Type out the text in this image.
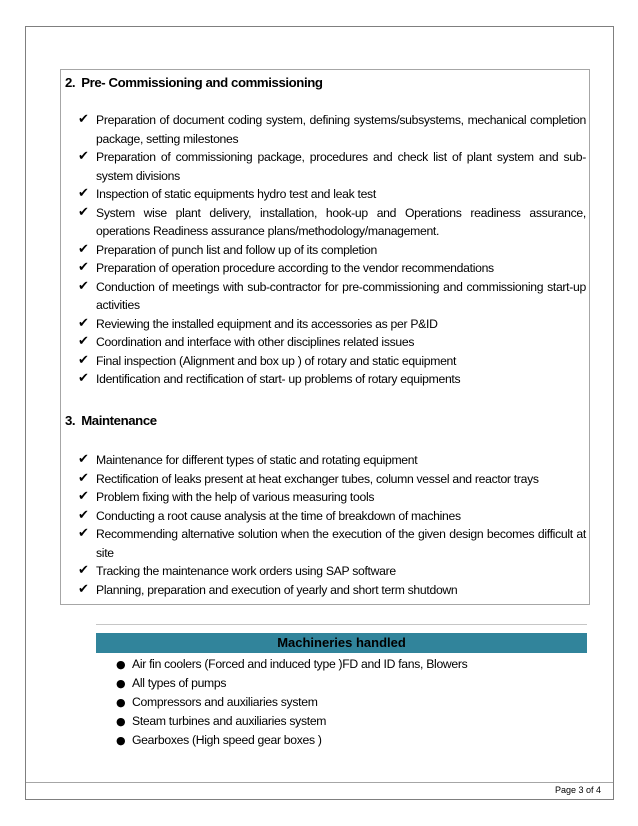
2. Pre- Commissioning and commissioning
✔ Preparation of document coding system, defining systems/subsystems, mechanical completion package, setting milestones
✔ Preparation of commissioning package, procedures and check list of plant system and sub-system divisions
✔ Inspection of static equipments hydro test and leak test
✔ System wise plant delivery, installation, hook-up and Operations readiness assurance, operations Readiness assurance plans/methodology/management.
✔ Preparation of punch list and follow up of its completion
✔ Preparation of operation procedure according to the vendor recommendations
✔ Conduction of meetings with sub-contractor for pre-commissioning and commissioning start-up activities
✔ Reviewing the installed equipment and its accessories as per P&ID
✔ Coordination and interface with other disciplines related issues
✔ Final inspection (Alignment and box up ) of rotary and static equipment
✔ Identification and rectification of start- up problems of rotary equipments
3. Maintenance
✔ Maintenance for different types of static and rotating equipment
✔ Rectification of leaks present at heat exchanger tubes, column vessel and reactor trays
✔ Problem fixing with the help of various measuring tools
✔ Conducting a root cause analysis at the time of breakdown of machines
✔ Recommending alternative solution when the execution of the given design becomes difficult at site
✔ Tracking the maintenance work orders using SAP software
✔ Planning, preparation and execution of yearly and short term shutdown
Machineries handled
● Air fin coolers (Forced and induced type )FD and ID fans, Blowers
● All types of pumps
● Compressors and auxiliaries system
● Steam turbines and auxiliaries system
● Gearboxes (High speed gear boxes )
Page 3 of 4
